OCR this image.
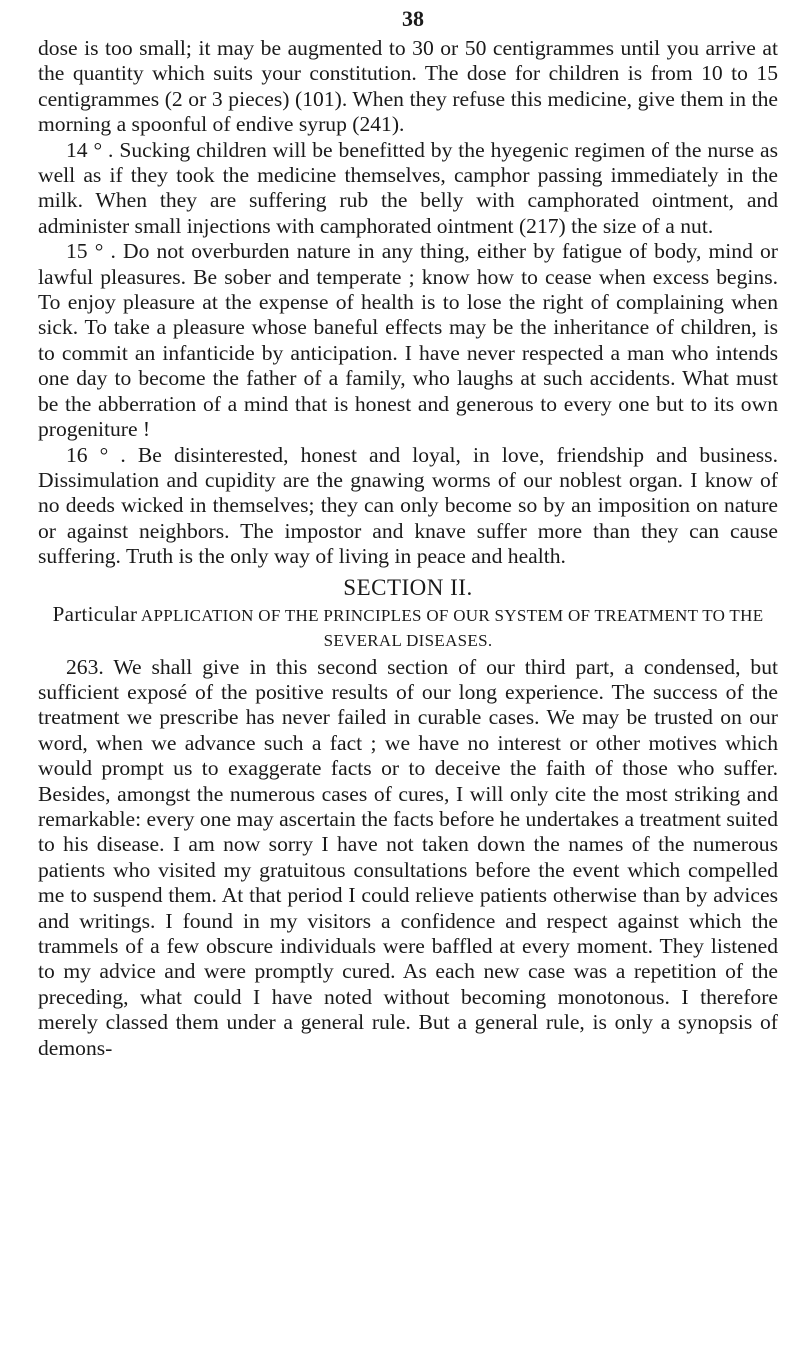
38

dose is too small; it may be augmented to 30 or 50 centigrammes until you arrive at the quantity which suits your constitution. The dose for children is from 10 to 15 centigrammes (2 or 3 pieces) (101). When they refuse this medicine, give them in the morning a spoonful of endive syrup (241).

14 ° . Sucking children will be benefitted by the hyegenic regimen of the nurse as well as if they took the medicine themselves, camphor passing immediately in the milk. When they are suffering rub the belly with camphorated ointment, and administer small injections with camphorated ointment (217) the size of a nut.

15 ° . Do not overburden nature in any thing, either by fatigue of body, mind or lawful pleasures. Be sober and temperate ; know how to cease when excess begins. To enjoy pleasure at the expense of health is to lose the right of complaining when sick. To take a pleasure whose baneful effects may be the inheritance of children, is to commit an infanticide by anticipation. I have never respected a man who intends one day to become the father of a family, who laughs at such accidents. What must be the abberration of a mind that is honest and generous to every one but to its own progeniture !

16 ° . Be disinterested, honest and loyal, in love, friendship and business. Dissimulation and cupidity are the gnawing worms of our noblest organ. I know of no deeds wicked in themselves; they can only become so by an imposition on nature or against neighbors. The impostor and knave suffer more than they can cause suffering. Truth is the only way of living in peace and health.

SECTION II.
Particular APPLICATION OF THE PRINCIPLES OF OUR SYSTEM OF TREATMENT TO THE SEVERAL DISEASES.

263. We shall give in this second section of our third part, a condensed, but sufficient exposé of the positive results of our long experience. The success of the treatment we prescribe has never failed in curable cases. We may be trusted on our word, when we advance such a fact ; we have no interest or other motives which would prompt us to exaggerate facts or to deceive the faith of those who suffer. Besides, amongst the numerous cases of cures, I will only cite the most striking and remarkable: every one may ascertain the facts before he undertakes a treatment suited to his disease. I am now sorry I have not taken down the names of the numerous patients who visited my gratuitous consultations before the event which compelled me to suspend them. At that period I could relieve patients otherwise than by advices and writings. I found in my visitors a confidence and respect against which the trammels of a few obscure individuals were baffled at every moment. They listened to my advice and were promptly cured. As each new case was a repetition of the preceding, what could I have noted without becoming monotonous. I therefore merely classed them under a general rule. But a general rule, is only a synopsis of demons-
